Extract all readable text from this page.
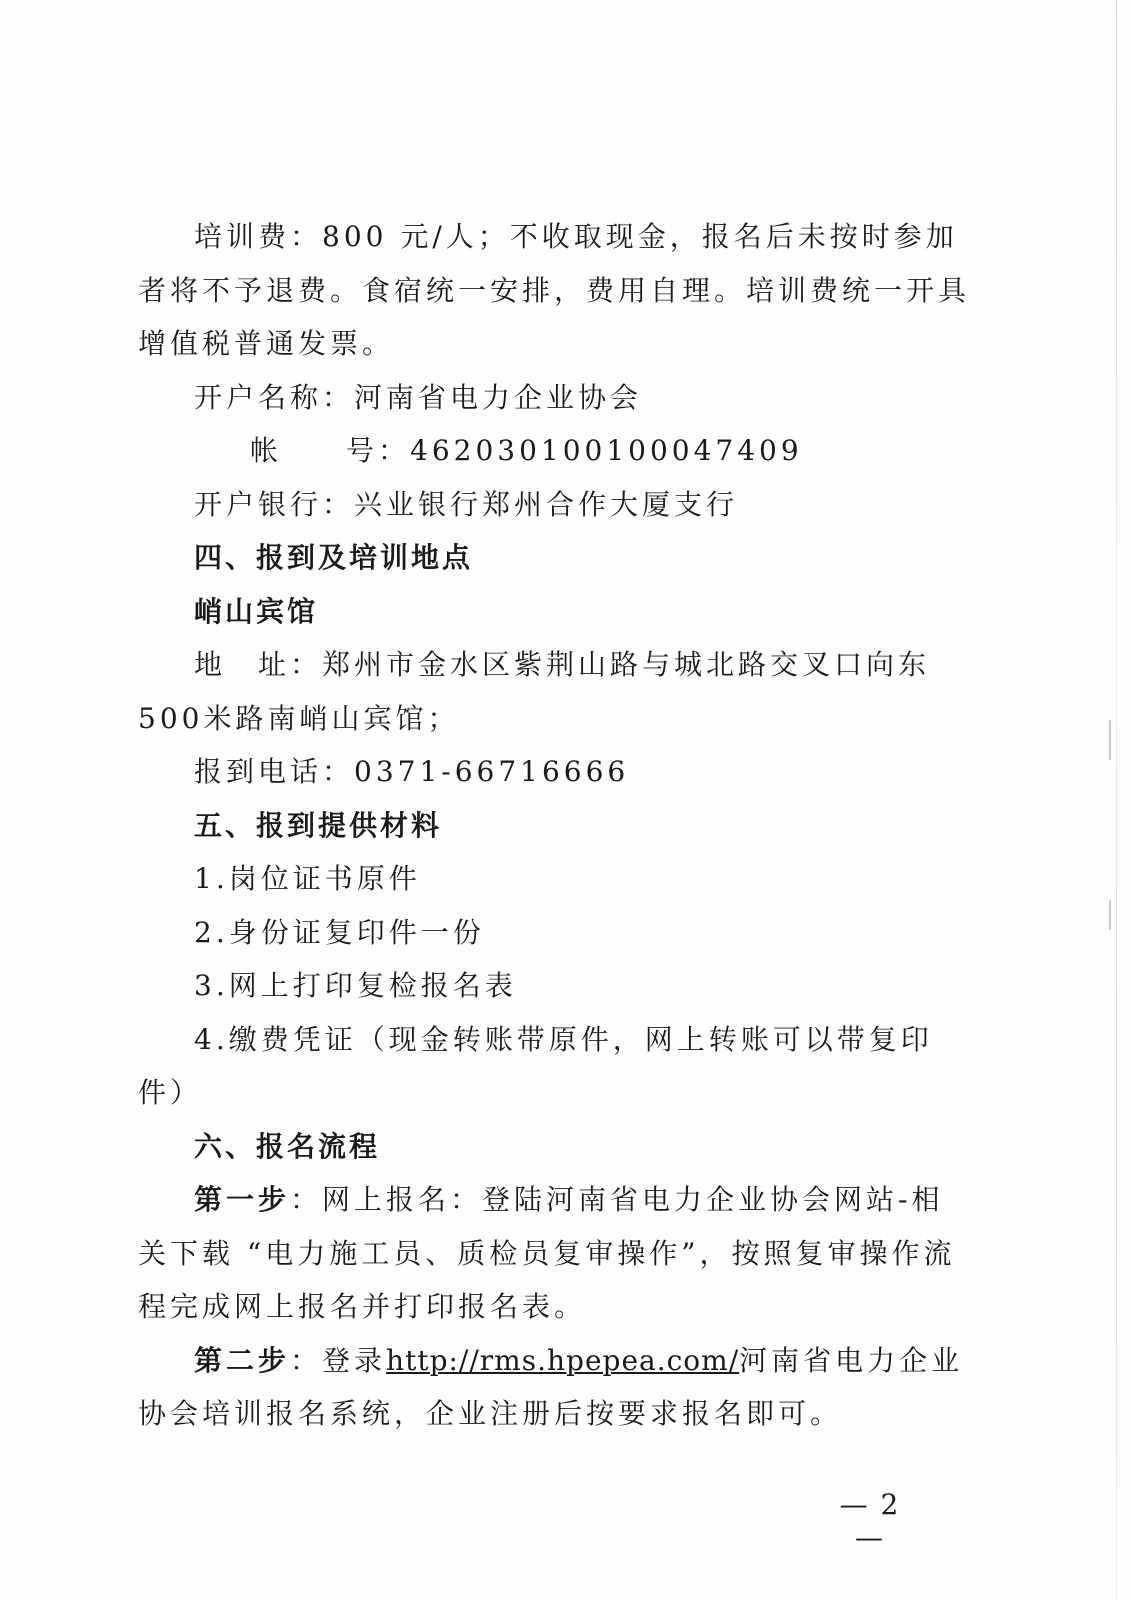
培训费：800 元/人；不收取现金，报名后未按时参加者将不予退费。食宿统一安排，费用自理。培训费统一开具增值税普通发票。

开户名称：河南省电力企业协会

帐　　号：462030100100047409

开户银行：兴业银行郑州合作大厦支行

四、报到及培训地点

峭山宾馆

地　址：郑州市金水区紫荆山路与城北路交叉口向东500米路南峭山宾馆；

报到电话：0371-66716666

五、报到提供材料

1.岗位证书原件

2.身份证复印件一份

3.网上打印复检报名表

4.缴费凭证（现金转账带原件，网上转账可以带复印件）

六、报名流程

第一步：网上报名：登陆河南省电力企业协会网站-相关下载 “电力施工员、质检员复审操作”，按照复审操作流程完成网上报名并打印报名表。

第二步：登录http://rms.hpepea.com/河南省电力企业协会培训报名系统，企业注册后按要求报名即可。

— 2 —
